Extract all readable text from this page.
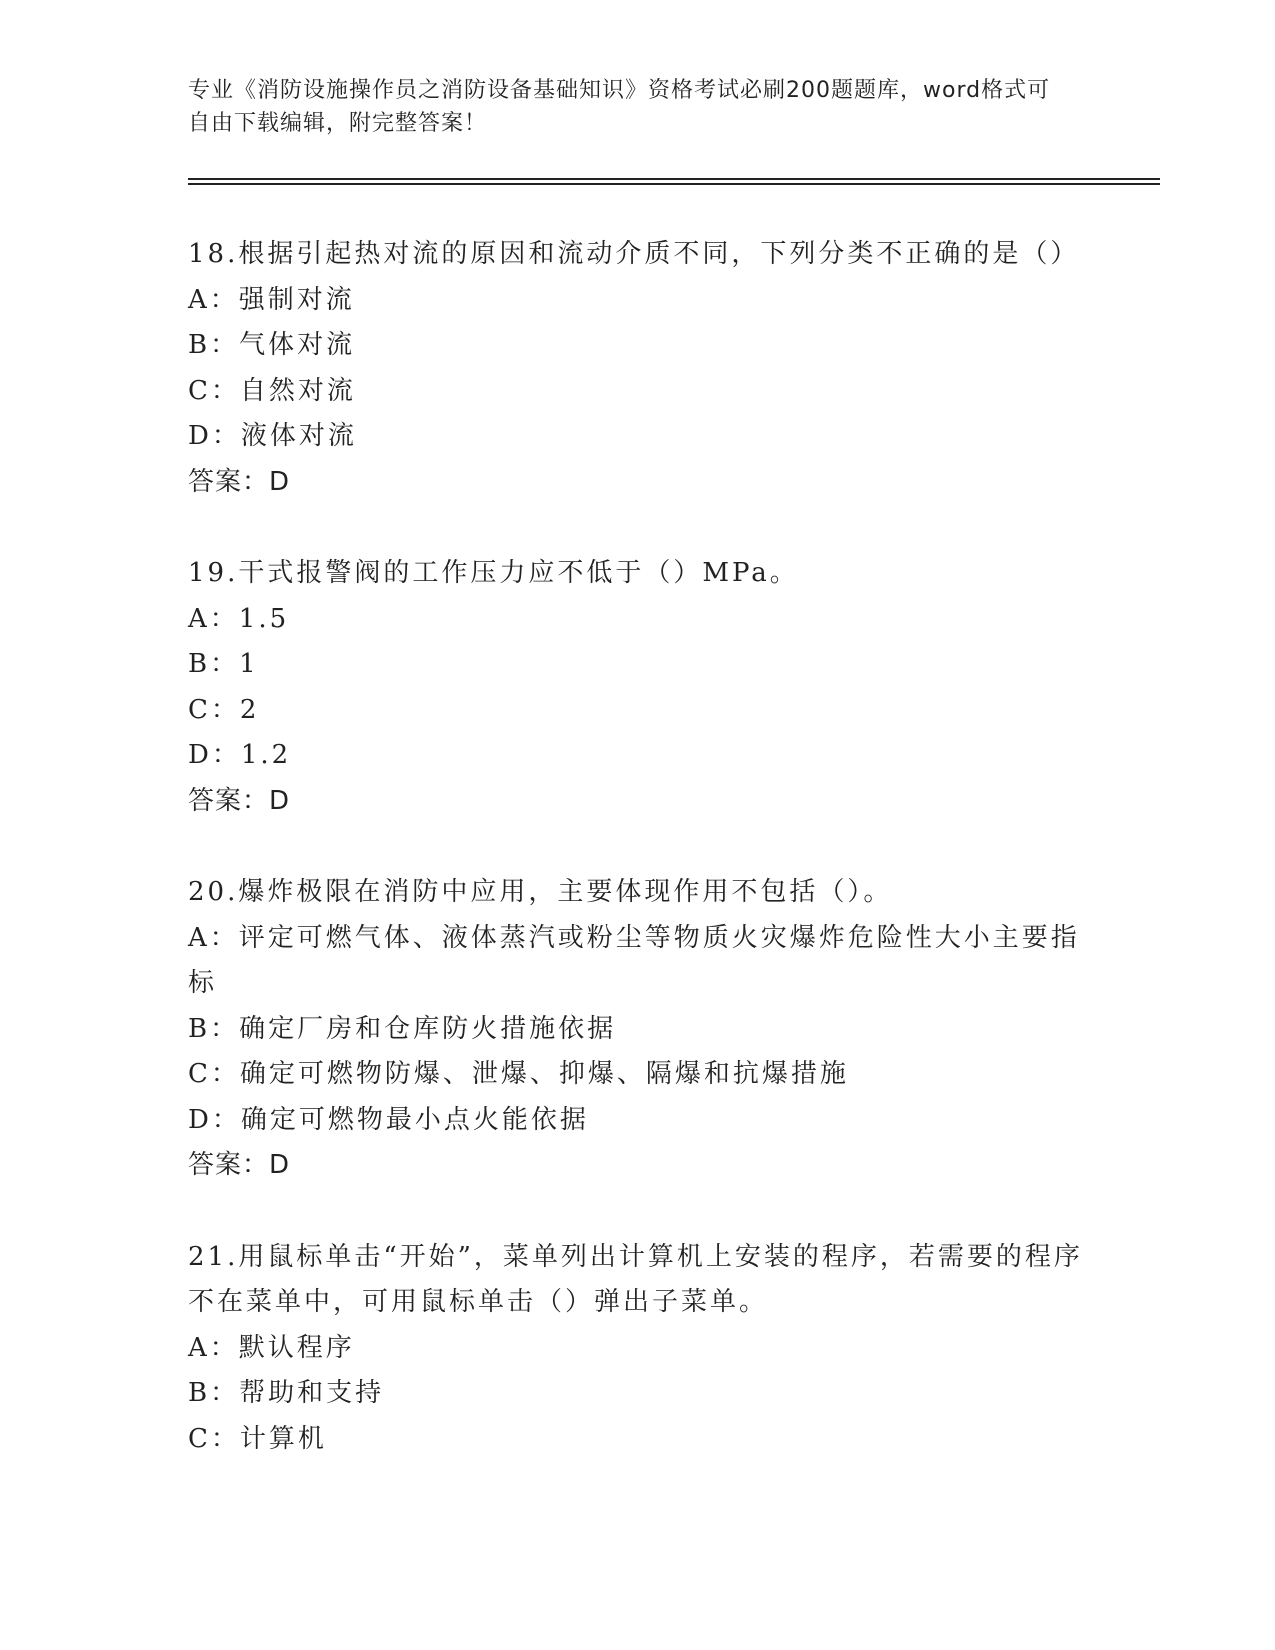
专业《消防设施操作员之消防设备基础知识》资格考试必刷200题题库，word格式可自由下载编辑，附完整答案！

18.根据引起热对流的原因和流动介质不同，下列分类不正确的是（）

A：强制对流

B：气体对流

C：自然对流

D：液体对流

答案：D

19.干式报警阀的工作压力应不低于（）MPa。

A：1.5

B：1

C：2

D：1.2

答案：D

20.爆炸极限在消防中应用，主要体现作用不包括（）。

A：评定可燃气体、液体蒸汽或粉尘等物质火灾爆炸危险性大小主要指标

B：确定厂房和仓库防火措施依据

C：确定可燃物防爆、泄爆、抑爆、隔爆和抗爆措施

D：确定可燃物最小点火能依据

答案：D

21.用鼠标单击“开始”，菜单列出计算机上安装的程序，若需要的程序不在菜单中，可用鼠标单击（）弹出子菜单。

A：默认程序

B：帮助和支持

C：计算机
